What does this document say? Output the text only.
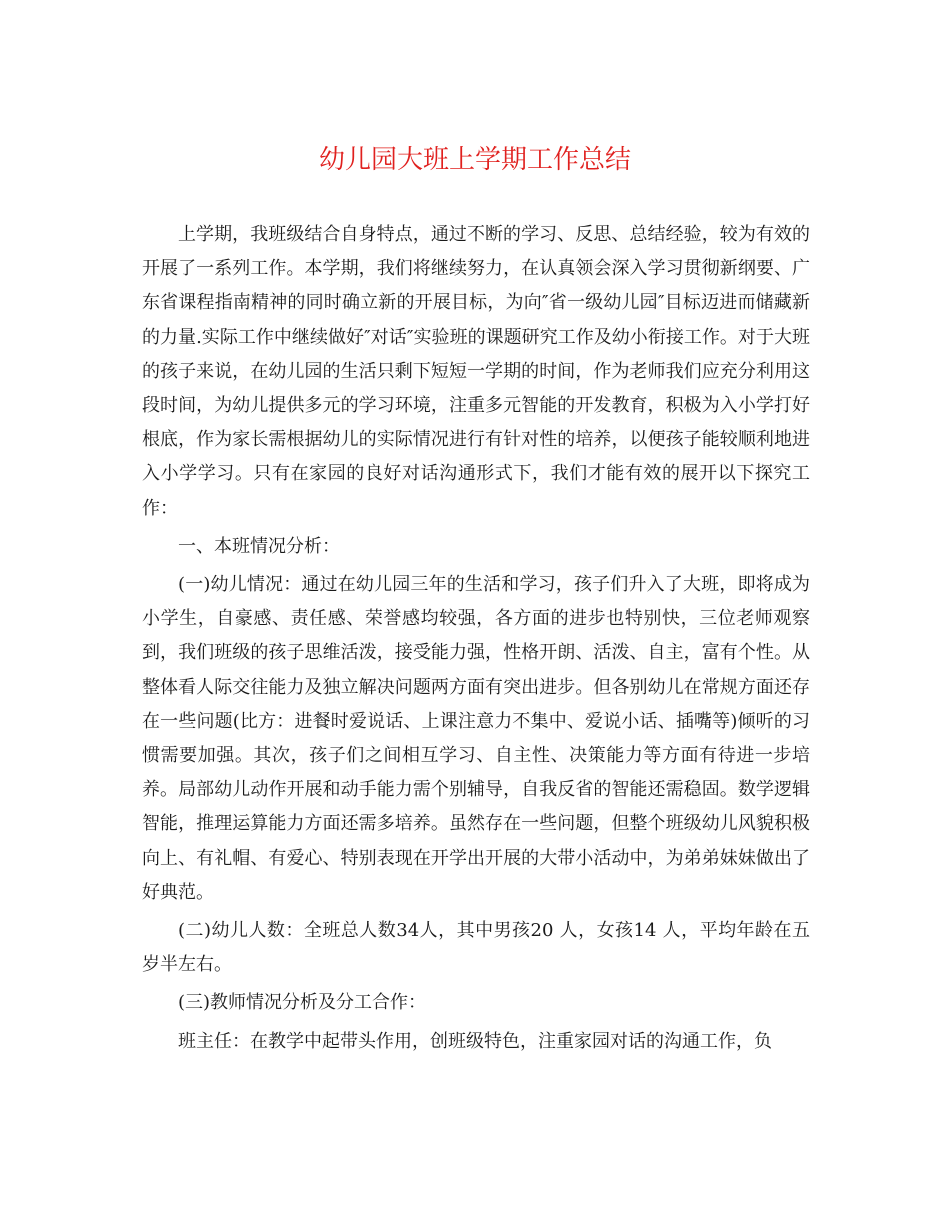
幼儿园大班上学期工作总结

上学期，我班级结合自身特点，通过不断的学习、反思、总结经验，较为有效的开展了一系列工作。本学期，我们将继续努力，在认真领会深入学习贯彻新纲要、广东省课程指南精神的同时确立新的开展目标，为向″省一级幼儿园″目标迈进而储藏新的力量.实际工作中继续做好″对话″实验班的课题研究工作及幼小衔接工作。对于大班的孩子来说，在幼儿园的生活只剩下短短一学期的时间，作为老师我们应充分利用这段时间，为幼儿提供多元的学习环境，注重多元智能的开发教育，积极为入小学打好根底，作为家长需根据幼儿的实际情况进行有针对性的培养，以便孩子能较顺利地进入小学学习。只有在家园的良好对话沟通形式下，我们才能有效的展开以下探究工作：

一、本班情况分析：

(一)幼儿情况：通过在幼儿园三年的生活和学习，孩子们升入了大班，即将成为小学生，自豪感、责任感、荣誉感均较强，各方面的进步也特别快，三位老师观察到，我们班级的孩子思维活泼，接受能力强，性格开朗、活泼、自主，富有个性。从整体看人际交往能力及独立解决问题两方面有突出进步。但各别幼儿在常规方面还存在一些问题(比方：进餐时爱说话、上课注意力不集中、爱说小话、插嘴等)倾听的习惯需要加强。其次，孩子们之间相互学习、自主性、决策能力等方面有待进一步培养。局部幼儿动作开展和动手能力需个别辅导，自我反省的智能还需稳固。数学逻辑智能，推理运算能力方面还需多培养。虽然存在一些问题，但整个班级幼儿风貌积极向上、有礼帽、有爱心、特别表现在开学出开展的大带小活动中，为弟弟妹妹做出了好典范。

(二)幼儿人数：全班总人数34人，其中男孩20 人，女孩14 人，平均年龄在五岁半左右。

(三)教师情况分析及分工合作：

班主任：在教学中起带头作用，创班级特色，注重家园对话的沟通工作，负
